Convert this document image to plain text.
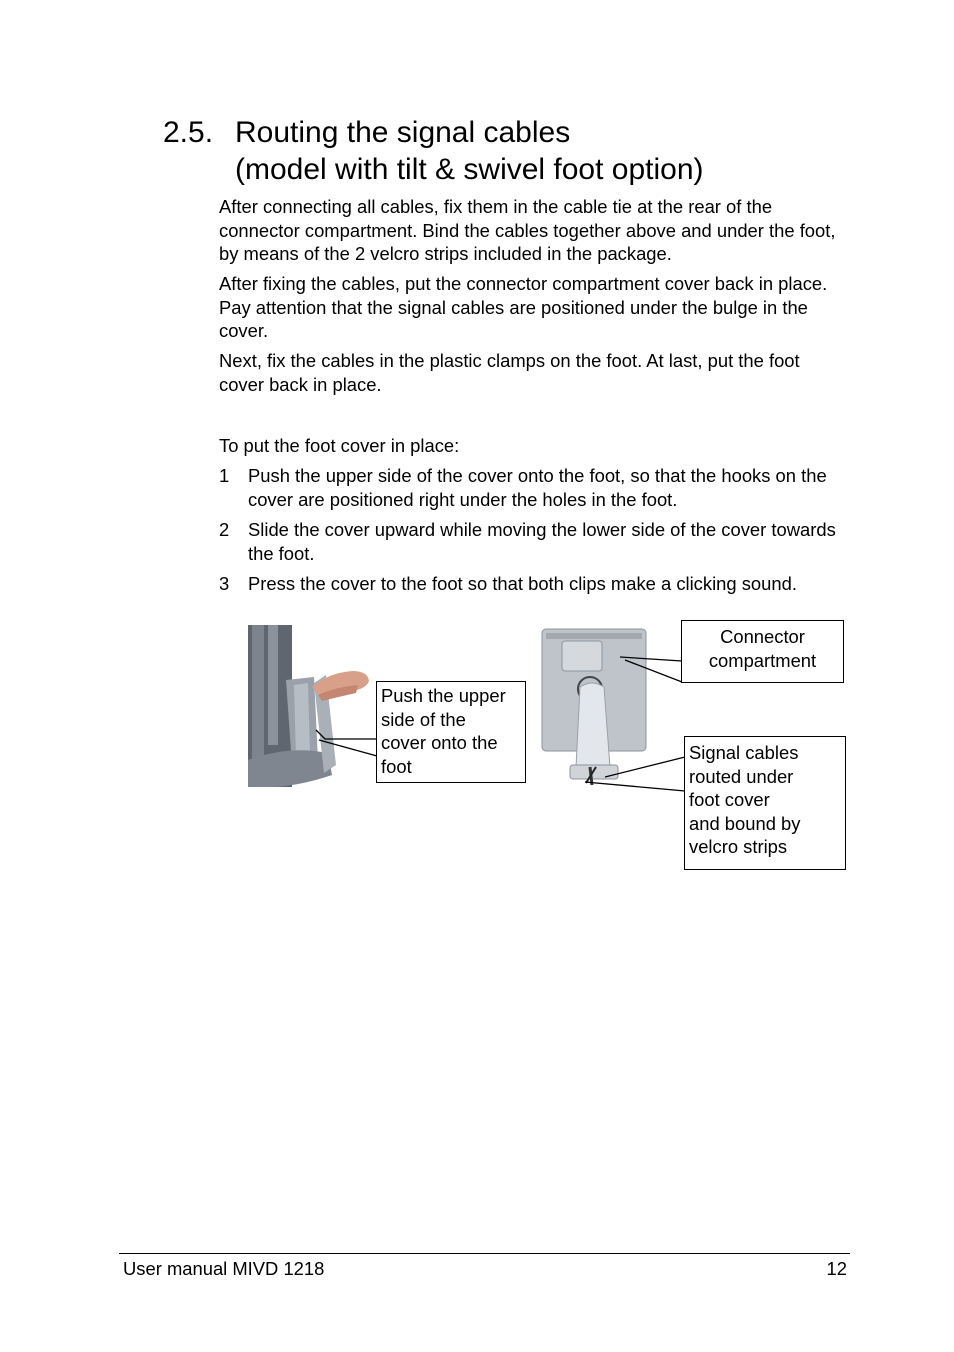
2.5. Routing the signal cables
(model with tilt & swivel foot option)

After connecting all cables, fix them in the cable tie at the rear of the connector compartment. Bind the cables together above and under the foot, by means of the 2 velcro strips included in the package.

After fixing the cables, put the connector compartment cover back in place. Pay attention that the signal cables are positioned under the bulge in the cover.

Next, fix the cables in the plastic clamps on the foot. At last, put the foot cover back in place.

To put the foot cover in place:

1 Push the upper side of the cover onto the foot, so that the hooks on the cover are positioned right under the holes in the foot.
2 Slide the cover upward while moving the lower side of the cover towards the foot.
3 Press the cover to the foot so that both clips make a clicking sound.
Push the upper
side of the
cover onto the
foot
Connector
compartment
Signal cables
routed under
foot cover
and bound by
velcro strips
User manual MIVD 1218	12
